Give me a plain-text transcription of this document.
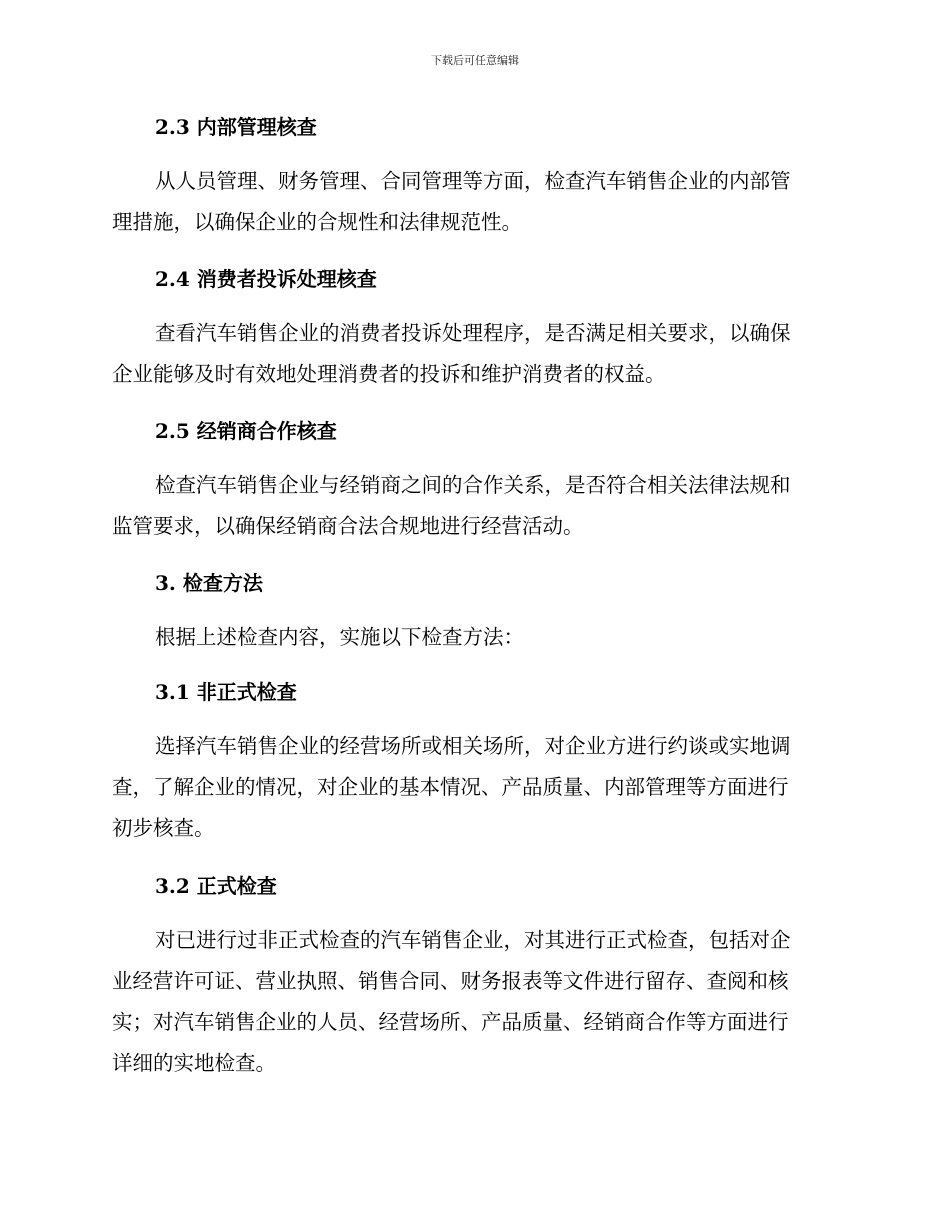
下载后可任意编辑
2.3 内部管理核查
从人员管理、财务管理、合同管理等方面，检查汽车销售企业的内部管
理措施，以确保企业的合规性和法律规范性。
2.4 消费者投诉处理核查
查看汽车销售企业的消费者投诉处理程序，是否满足相关要求，以确保
企业能够及时有效地处理消费者的投诉和维护消费者的权益。
2.5 经销商合作核查
检查汽车销售企业与经销商之间的合作关系，是否符合相关法律法规和
监管要求，以确保经销商合法合规地进行经营活动。
3. 检查方法
根据上述检查内容，实施以下检查方法：
3.1 非正式检查
选择汽车销售企业的经营场所或相关场所，对企业方进行约谈或实地调
查，了解企业的情况，对企业的基本情况、产品质量、内部管理等方面进行
初步核查。
3.2 正式检查
对已进行过非正式检查的汽车销售企业，对其进行正式检查，包括对企
业经营许可证、营业执照、销售合同、财务报表等文件进行留存、查阅和核
实；对汽车销售企业的人员、经营场所、产品质量、经销商合作等方面进行
详细的实地检查。
